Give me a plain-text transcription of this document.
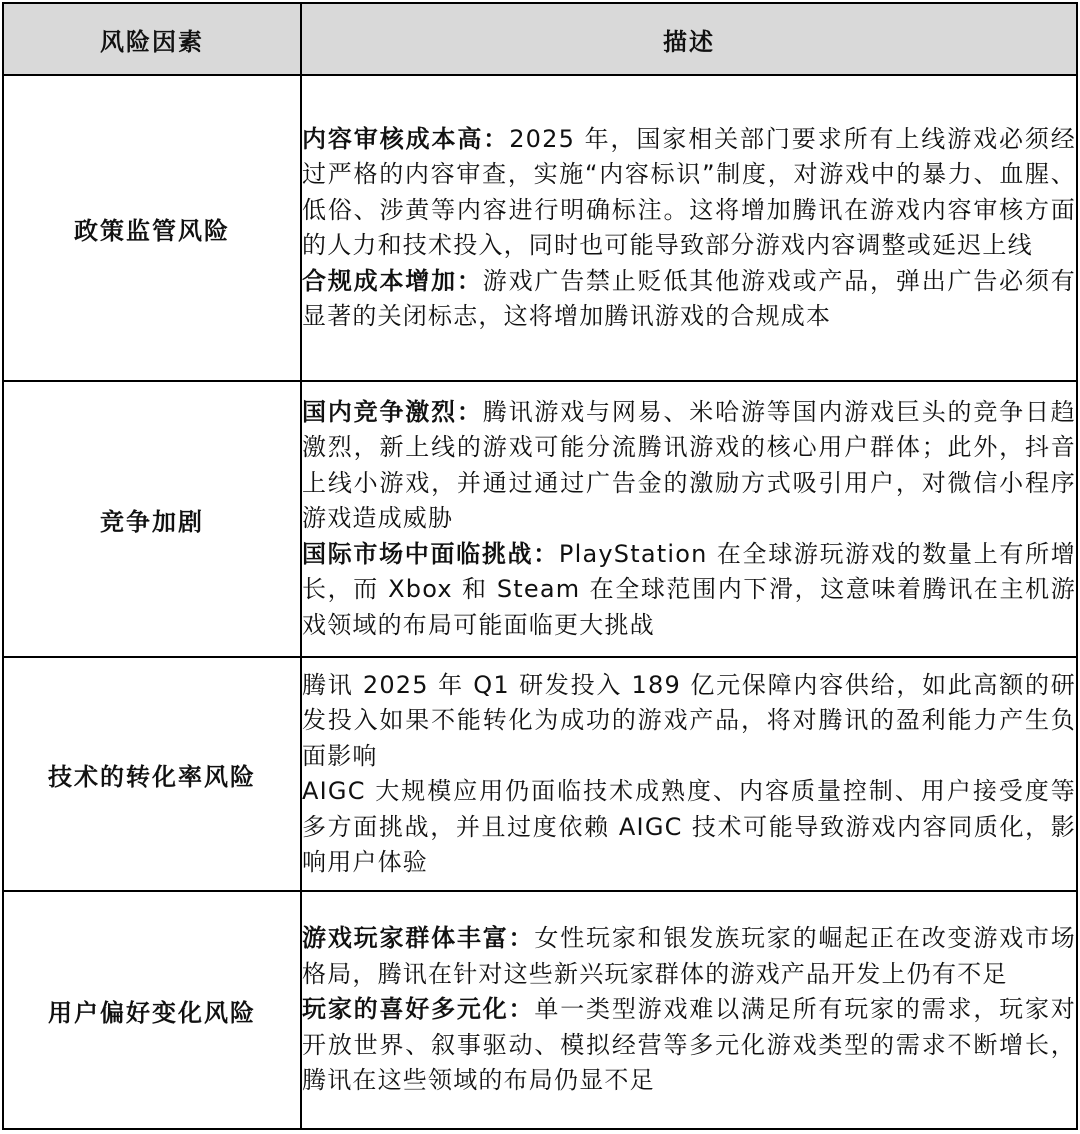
风险因素	描述
政策监管风险	内容审核成本高：2025 年，国家相关部门要求所有上线游戏必须经过严格的内容审查，实施“内容标识”制度，对游戏中的暴力、血腥、低俗、涉黄等内容进行明确标注。这将增加腾讯在游戏内容审核方面的人力和技术投入，同时也可能导致部分游戏内容调整或延迟上线

合规成本增加：游戏广告禁止贬低其他游戏或产品，弹出广告必须有显著的关闭标志，这将增加腾讯游戏的合规成本

竞争加剧	国内竞争激烈：腾讯游戏与网易、米哈游等国内游戏巨头的竞争日趋激烈，新上线的游戏可能分流腾讯游戏的核心用户群体；此外，抖音上线小游戏，并通过通过广告金的激励方式吸引用户，对微信小程序游戏造成威胁

国际市场中面临挑战：PlayStation 在全球游玩游戏的数量上有所增长，而 Xbox 和 Steam 在全球范围内下滑，这意味着腾讯在主机游戏领域的布局可能面临更大挑战

技术的转化率风险	腾讯 2025 年 Q1 研发投入 189 亿元保障内容供给，如此高额的研发投入如果不能转化为成功的游戏产品，将对腾讯的盈利能力产生负面影响

AIGC 大规模应用仍面临技术成熟度、内容质量控制、用户接受度等多方面挑战，并且过度依赖 AIGC 技术可能导致游戏内容同质化，影响用户体验

用户偏好变化风险	游戏玩家群体丰富：女性玩家和银发族玩家的崛起正在改变游戏市场格局，腾讯在针对这些新兴玩家群体的游戏产品开发上仍有不足

玩家的喜好多元化：单一类型游戏难以满足所有玩家的需求，玩家对开放世界、叙事驱动、模拟经营等多元化游戏类型的需求不断增长，腾讯在这些领域的布局仍显不足
